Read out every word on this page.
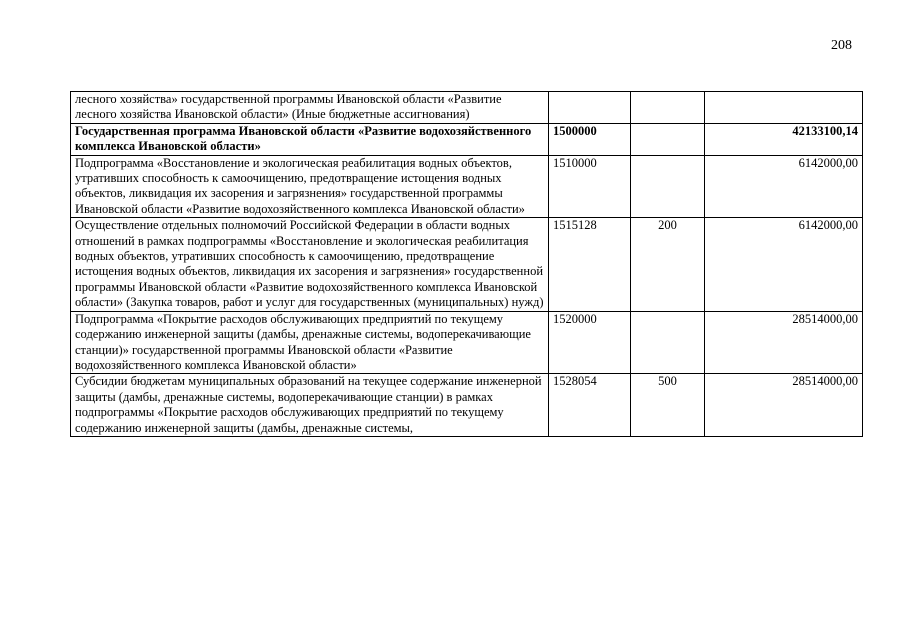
208
лесного хозяйства» государственной программы Ивановской области «Развитие лесного хозяйства Ивановской области» (Иные бюджетные ассигнования)			
Государственная программа Ивановской области «Развитие водохозяйственного комплекса Ивановской области»	1500000		42133100,14
Подпрограмма «Восстановление и экологическая реабилитация водных объектов, утративших способность к самоочищению, предотвращение истощения водных объектов, ликвидация их засорения и загрязнения» государственной программы Ивановской области «Развитие водохозяйственного комплекса Ивановской области»	1510000		6142000,00
Осуществление отдельных полномочий Российской Федерации в области водных отношений в рамках подпрограммы «Восстановление и экологическая реабилитация водных объектов, утративших способность к самоочищению, предотвращение истощения водных объектов, ликвидация их засорения и загрязнения» государственной программы Ивановской области «Развитие водохозяйственного комплекса Ивановской области» (Закупка товаров, работ и услуг для государственных (муниципальных) нужд)	1515128	200	6142000,00
Подпрограмма «Покрытие расходов обслуживающих предприятий по текущему содержанию инженерной защиты (дамбы, дренажные системы, водоперекачивающие станции)» государственной программы Ивановской области «Развитие водохозяйственного комплекса Ивановской области»	1520000		28514000,00
Субсидии бюджетам муниципальных образований на текущее содержание инженерной защиты (дамбы, дренажные системы, водоперекачивающие станции) в рамках подпрограммы «Покрытие расходов обслуживающих предприятий по текущему содержанию инженерной защиты (дамбы, дренажные системы,	1528054	500	28514000,00
